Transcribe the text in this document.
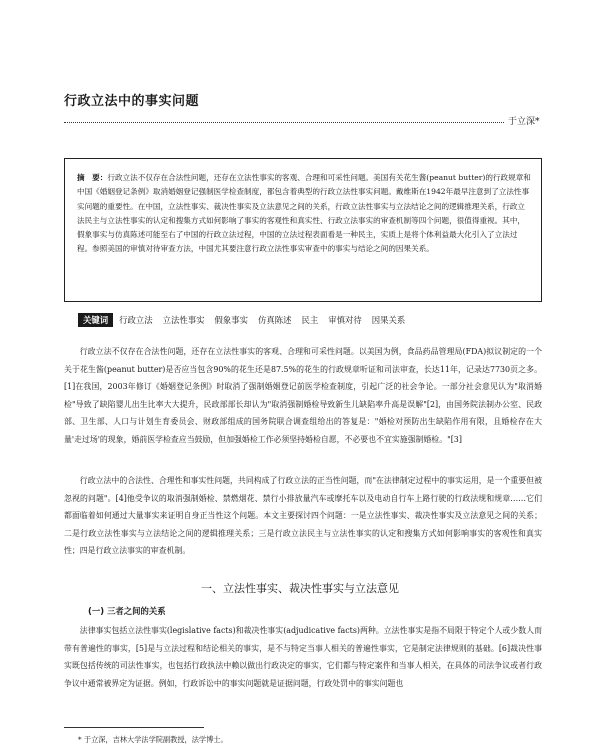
行政立法中的事实问题
于立深*
摘　要：行政立法不仅存在合法性问题，还存在立法性事实的客观、合理和可采性问题。美国有关花生酱(peanut butter)的行政规章和中国《婚姻登记条例》取消婚姻登记强制医学检查制度，都包含着典型的行政立法性事实问题。戴维斯在1942年最早注意到了立法性事实问题的重要性。在中国，立法性事实、裁决性事实及立法意见之间的关系，行政立法性事实与立法结论之间的逻辑推理关系，行政立法民主与立法性事实的认定和搜集方式如何影响了事实的客观性和真实性、行政立法事实的审查机制等四个问题，很值得重视。其中，假象事实与仿真陈述可能至右了中国的行政立法过程，中国的立法过程表面看是一种民主，实质上是将个体利益最大化引入了立法过程。参照美国的审慎对待审查方法，中国尤其要注意行政立法性事实审查中的事实与结论之间的因果关系。
关键词	行政立法 立法性事实 假象事实 仿真陈述 民主 审慎对待 因果关系
行政立法不仅存在合法性问题，还存在立法性事实的客观、合理和可采性问题。以美国为例，食品药品管理局(FDA)拟议制定的一个关于花生酱(peanut butter)是否应当包含90%的花生还是87.5%的花生的行政规章听证和司法审查，长达11年，记录达7730页之多。[1]在我国，2003年修订《婚姻登记条例》时取消了强制婚姻登记前医学检查制度，引起广泛的社会争论。一部分社会意见认为"取消婚检"导致了缺陷婴儿出生比率大大提升，民政部部长却认为"取消强制婚检导致新生儿缺陷率升高是误解"[2]，由国务院法制办公室、民政部、卫生部、人口与计划生育委员会、财政部组成的国务院联合调查组给出的答复是："婚检对预防出生缺陷作用有限，且婚检存在大量'走过场'的现象，婚前医学检查应当鼓励，但加强婚检工作必须坚持婚检自愿，不必要也不宜实施强制婚检。"[3]
行政立法中的合法性、合理性和事实性问题，共同构成了行政立法的正当性问题，而"在法律制定过程中的事实运用，是一个重要但被忽视的问题"。[4]他受争议的取消强制婚检、禁燃烟花、禁行小排放量汽车或摩托车以及电动自行车上路行驶的行政法规和规章……它们都面临着如何通过大量事实来证明自身正当性这个问题。本文主要探讨四个问题：一是立法性事实、裁决性事实及立法意见之间的关系；二是行政立法性事实与立法结论之间的逻辑推理关系；三是行政立法民主与立法性事实的认定和搜集方式如何影响事实的客观性和真实性；四是行政立法事实的审查机制。
一、立法性事实、裁决性事实与立法意见
(一) 三者之间的关系
法律事实包括立法性事实(legislative facts)和裁决性事实(adjudicative facts)两种。立法性事实是指不局限于特定个人或少数人而带有普遍性的事实，[5]是与立法过程和结论相关的事实，是不与特定当事人相关的普遍性事实，它是制定法律规则的基础。[6]裁决性事实既包括传统的司法性事实，也包括行政执法中赖以做出行政决定的事实，它们都与特定案件和当事人相关，在具体的司法争议或者行政争议中通常被界定为证据。例如，行政诉讼中的事实问题就是证据问题，行政处罚中的事实问题也
* 于立深，吉林大学法学院副教授，法学博士。
